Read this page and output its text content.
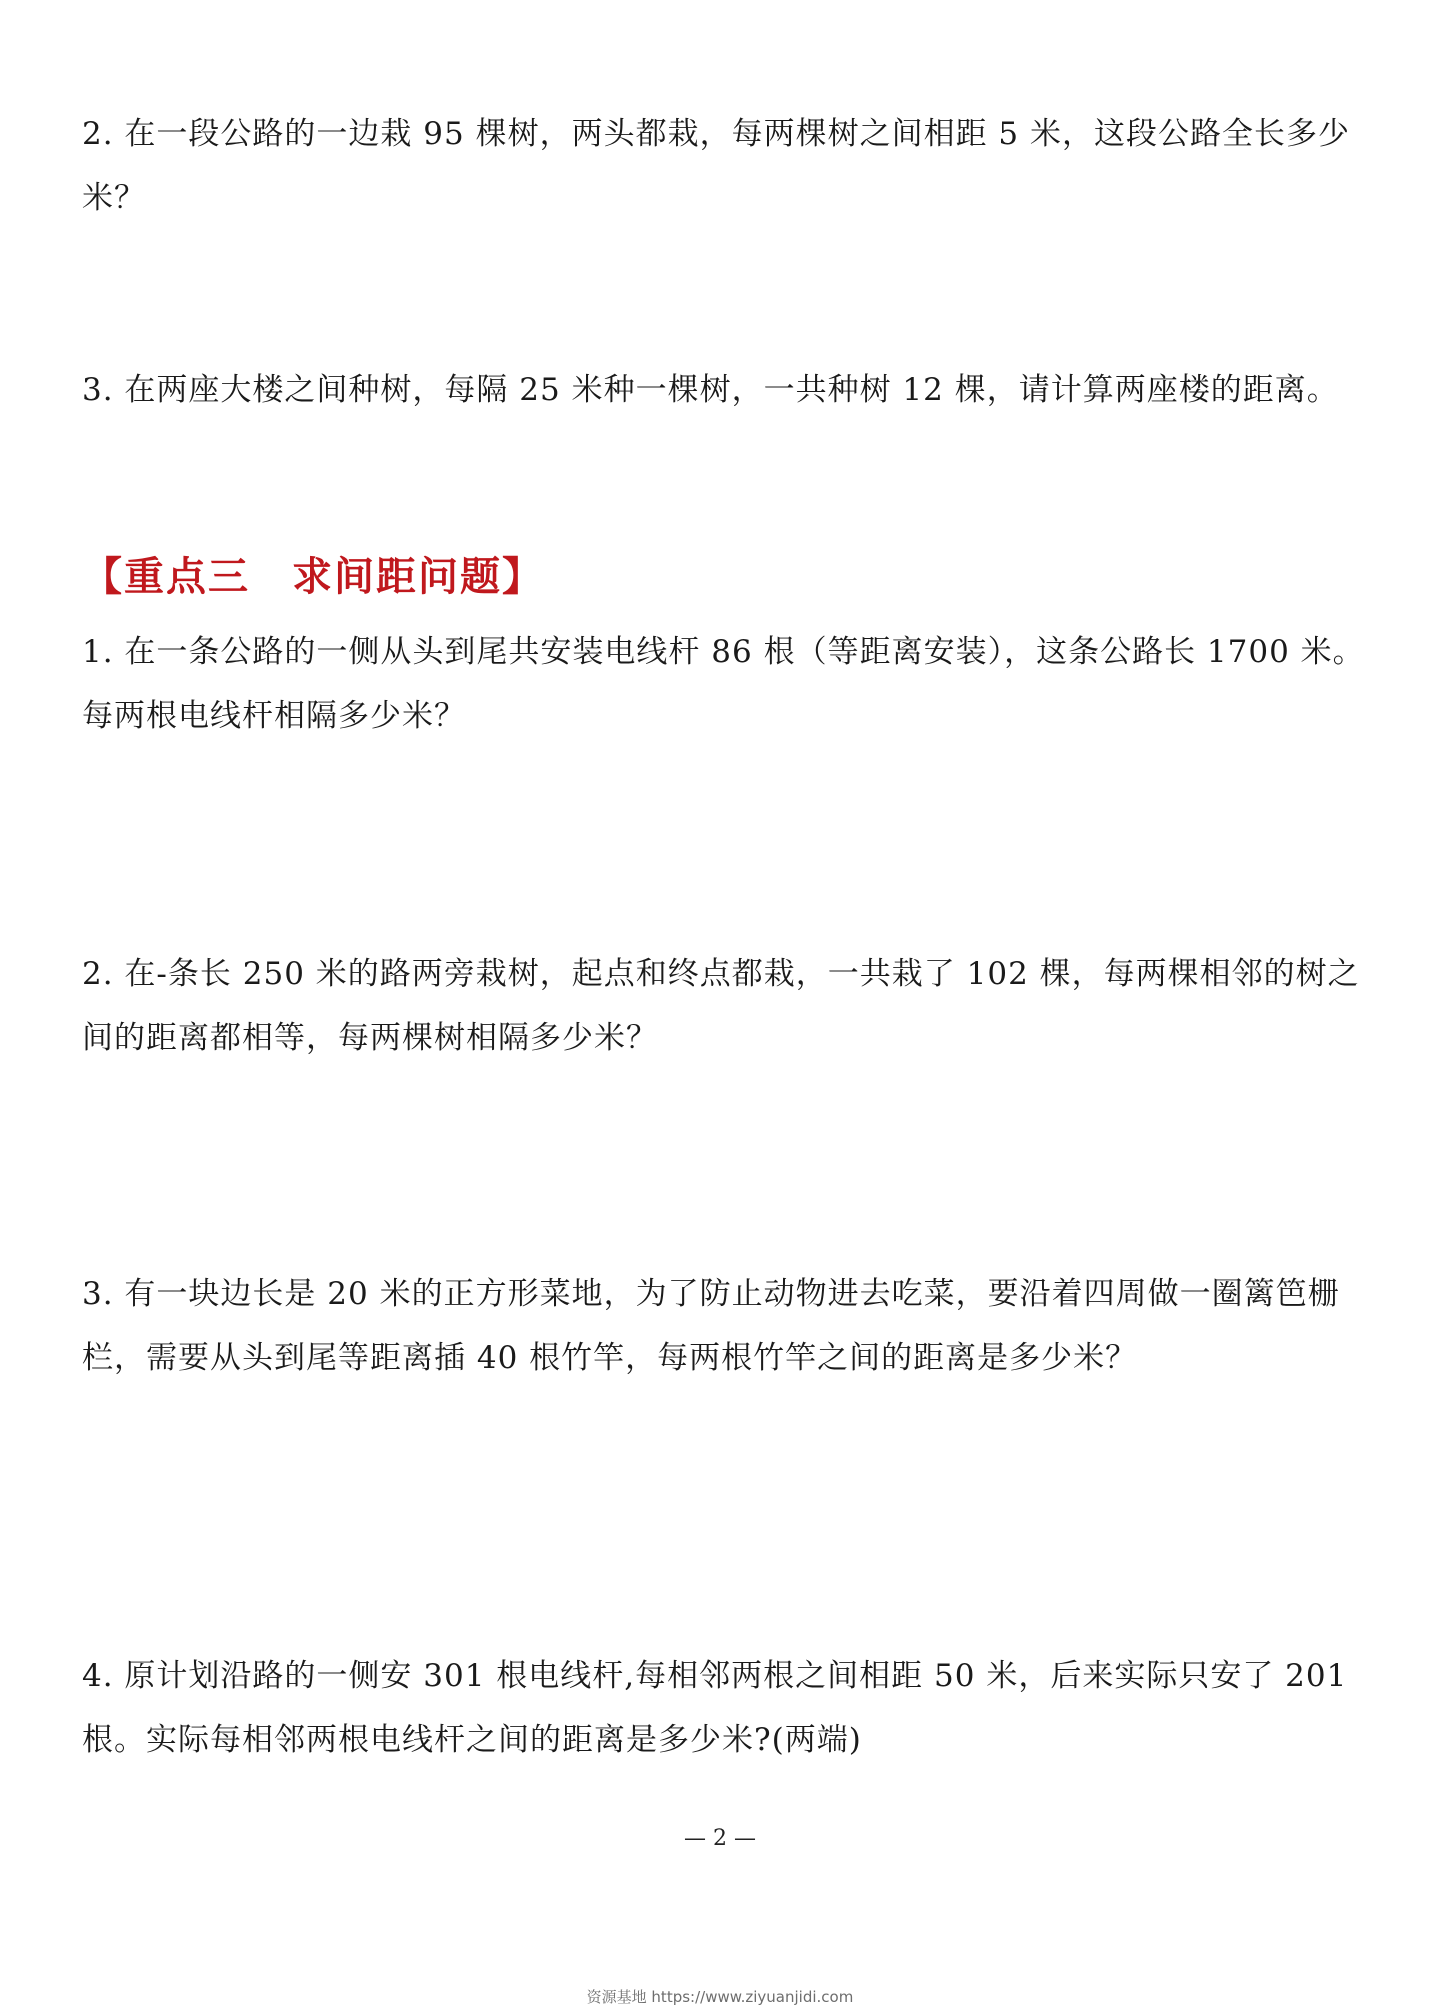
2. 在一段公路的一边栽 95 棵树，两头都栽，每两棵树之间相距 5 米，这段公路全长多少米？

3. 在两座大楼之间种树，每隔 25 米种一棵树，一共种树 12 棵，请计算两座楼的距离。

【重点三　求间距问题】

1. 在一条公路的一侧从头到尾共安装电线杆 86 根（等距离安装），这条公路长 1700 米。每两根电线杆相隔多少米？

2. 在-条长 250 米的路两旁栽树，起点和终点都栽，一共栽了 102 棵，每两棵相邻的树之间的距离都相等，每两棵树相隔多少米？

3. 有一块边长是 20 米的正方形菜地，为了防止动物进去吃菜，要沿着四周做一圈篱笆栅栏，需要从头到尾等距离插 40 根竹竿，每两根竹竿之间的距离是多少米？

4. 原计划沿路的一侧安 301 根电线杆,每相邻两根之间相距 50 米，后来实际只安了 201 根。实际每相邻两根电线杆之间的距离是多少米?(两端)

— 2 —
资源基地 https://www.ziyuanjidi.com
